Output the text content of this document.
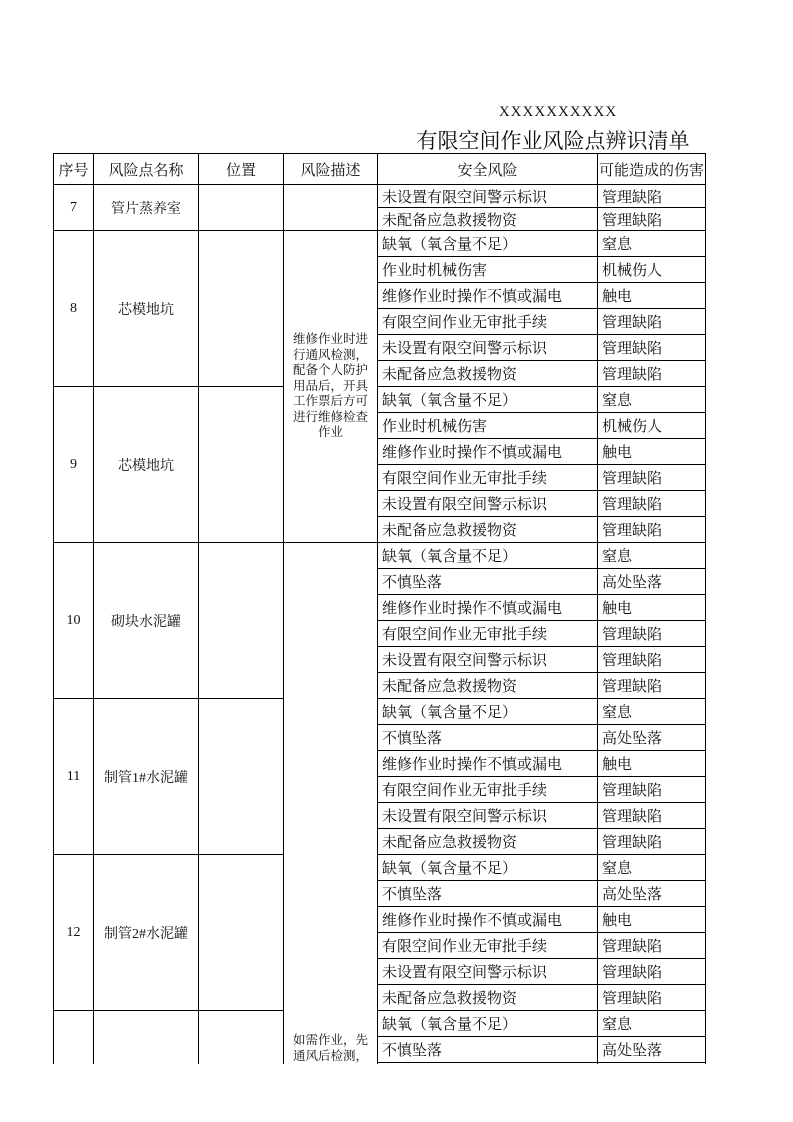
XXXXXXXXXX
有限空间作业风险点辨识清单
序号	风险点名称	位置	风险描述	安全风险	可能造成的伤害
7	管片蒸养室			未设置有限空间警示标识	管理缺陷
				未配备应急救援物资	管理缺陷
8	芯模地坑		维修作业时进行通风检测，配备个人防护用品后，开具工作票后方可进行维修检查作业	缺氧（氧含量不足）	窒息
				作业时机械伤害	机械伤人
				维修作业时操作不慎或漏电	触电
				有限空间作业无审批手续	管理缺陷
				未设置有限空间警示标识	管理缺陷
				未配备应急救援物资	管理缺陷
9	芯模地坑			缺氧（氧含量不足）	窒息
				作业时机械伤害	机械伤人
				维修作业时操作不慎或漏电	触电
				有限空间作业无审批手续	管理缺陷
				未设置有限空间警示标识	管理缺陷
				未配备应急救援物资	管理缺陷
10	砌块水泥罐		如需作业，先通风后检测，	缺氧（氧含量不足）	窒息
				不慎坠落	高处坠落
				维修作业时操作不慎或漏电	触电
				有限空间作业无审批手续	管理缺陷
				未设置有限空间警示标识	管理缺陷
				未配备应急救援物资	管理缺陷
11	制管1#水泥罐			缺氧（氧含量不足）	窒息
				不慎坠落	高处坠落
				维修作业时操作不慎或漏电	触电
				有限空间作业无审批手续	管理缺陷
				未设置有限空间警示标识	管理缺陷
				未配备应急救援物资	管理缺陷
12	制管2#水泥罐			缺氧（氧含量不足）	窒息
				不慎坠落	高处坠落
				维修作业时操作不慎或漏电	触电
				有限空间作业无审批手续	管理缺陷
				未设置有限空间警示标识	管理缺陷
				未配备应急救援物资	管理缺陷
				缺氧（氧含量不足）	窒息
				不慎坠落	高处坠落
